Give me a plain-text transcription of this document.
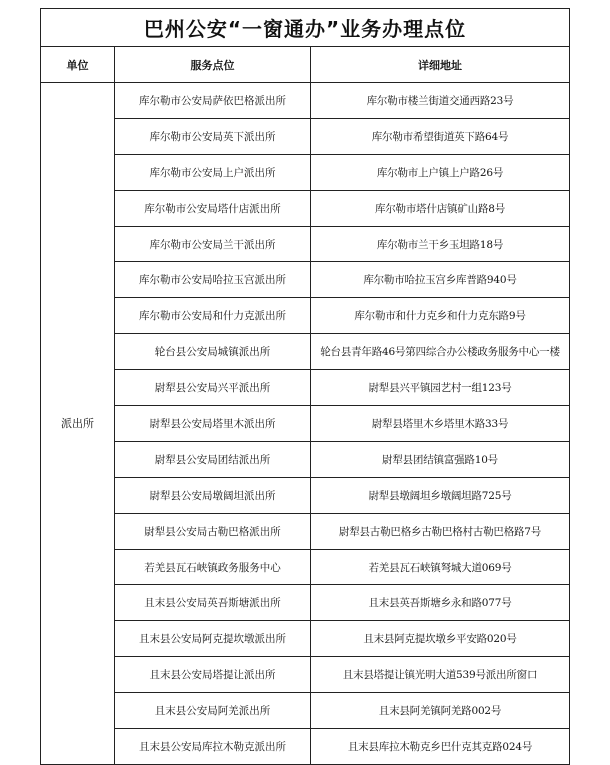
巴州公安“一窗通办”业务办理点位		
单位	服务点位	详细地址
派出所	库尔勒市公安局萨依巴格派出所	库尔勒市楼兰街道交通西路23号
	库尔勒市公安局英下派出所	库尔勒市希望街道英下路64号
	库尔勒市公安局上户派出所	库尔勒市上户镇上户路26号
	库尔勒市公安局塔什店派出所	库尔勒市塔什店镇矿山路8号
	库尔勒市公安局兰干派出所	库尔勒市兰干乡玉坦路18号
	库尔勒市公安局哈拉玉宫派出所	库尔勒市哈拉玉宫乡库普路940号
	库尔勒市公安局和什力克派出所	库尔勒市和什力克乡和什力克东路9号
	轮台县公安局城镇派出所	轮台县青年路46号第四综合办公楼政务服务中心一楼
	尉犁县公安局兴平派出所	尉犁县兴平镇园艺村一组123号
	尉犁县公安局塔里木派出所	尉犁县塔里木乡塔里木路33号
	尉犁县公安局团结派出所	尉犁县团结镇富强路10号
	尉犁县公安局墩阔坦派出所	尉犁县墩阔坦乡墩阔坦路725号
	尉犁县公安局古勒巴格派出所	尉犁县古勒巴格乡古勒巴格村古勒巴格路7号
	若羌县瓦石峡镇政务服务中心	若羌县瓦石峡镇弩城大道069号
	且末县公安局英吾斯塘派出所	且末县英吾斯塘乡永和路077号
	且末县公安局阿克提坎墩派出所	且末县阿克提坎墩乡平安路020号
	且末县公安局塔提让派出所	且末县塔提让镇光明大道539号派出所窗口
	且末县公安局阿羌派出所	且末县阿羌镇阿羌路002号
	且末县公安局库拉木勒克派出所	且末县库拉木勒克乡巴什克其克路024号
